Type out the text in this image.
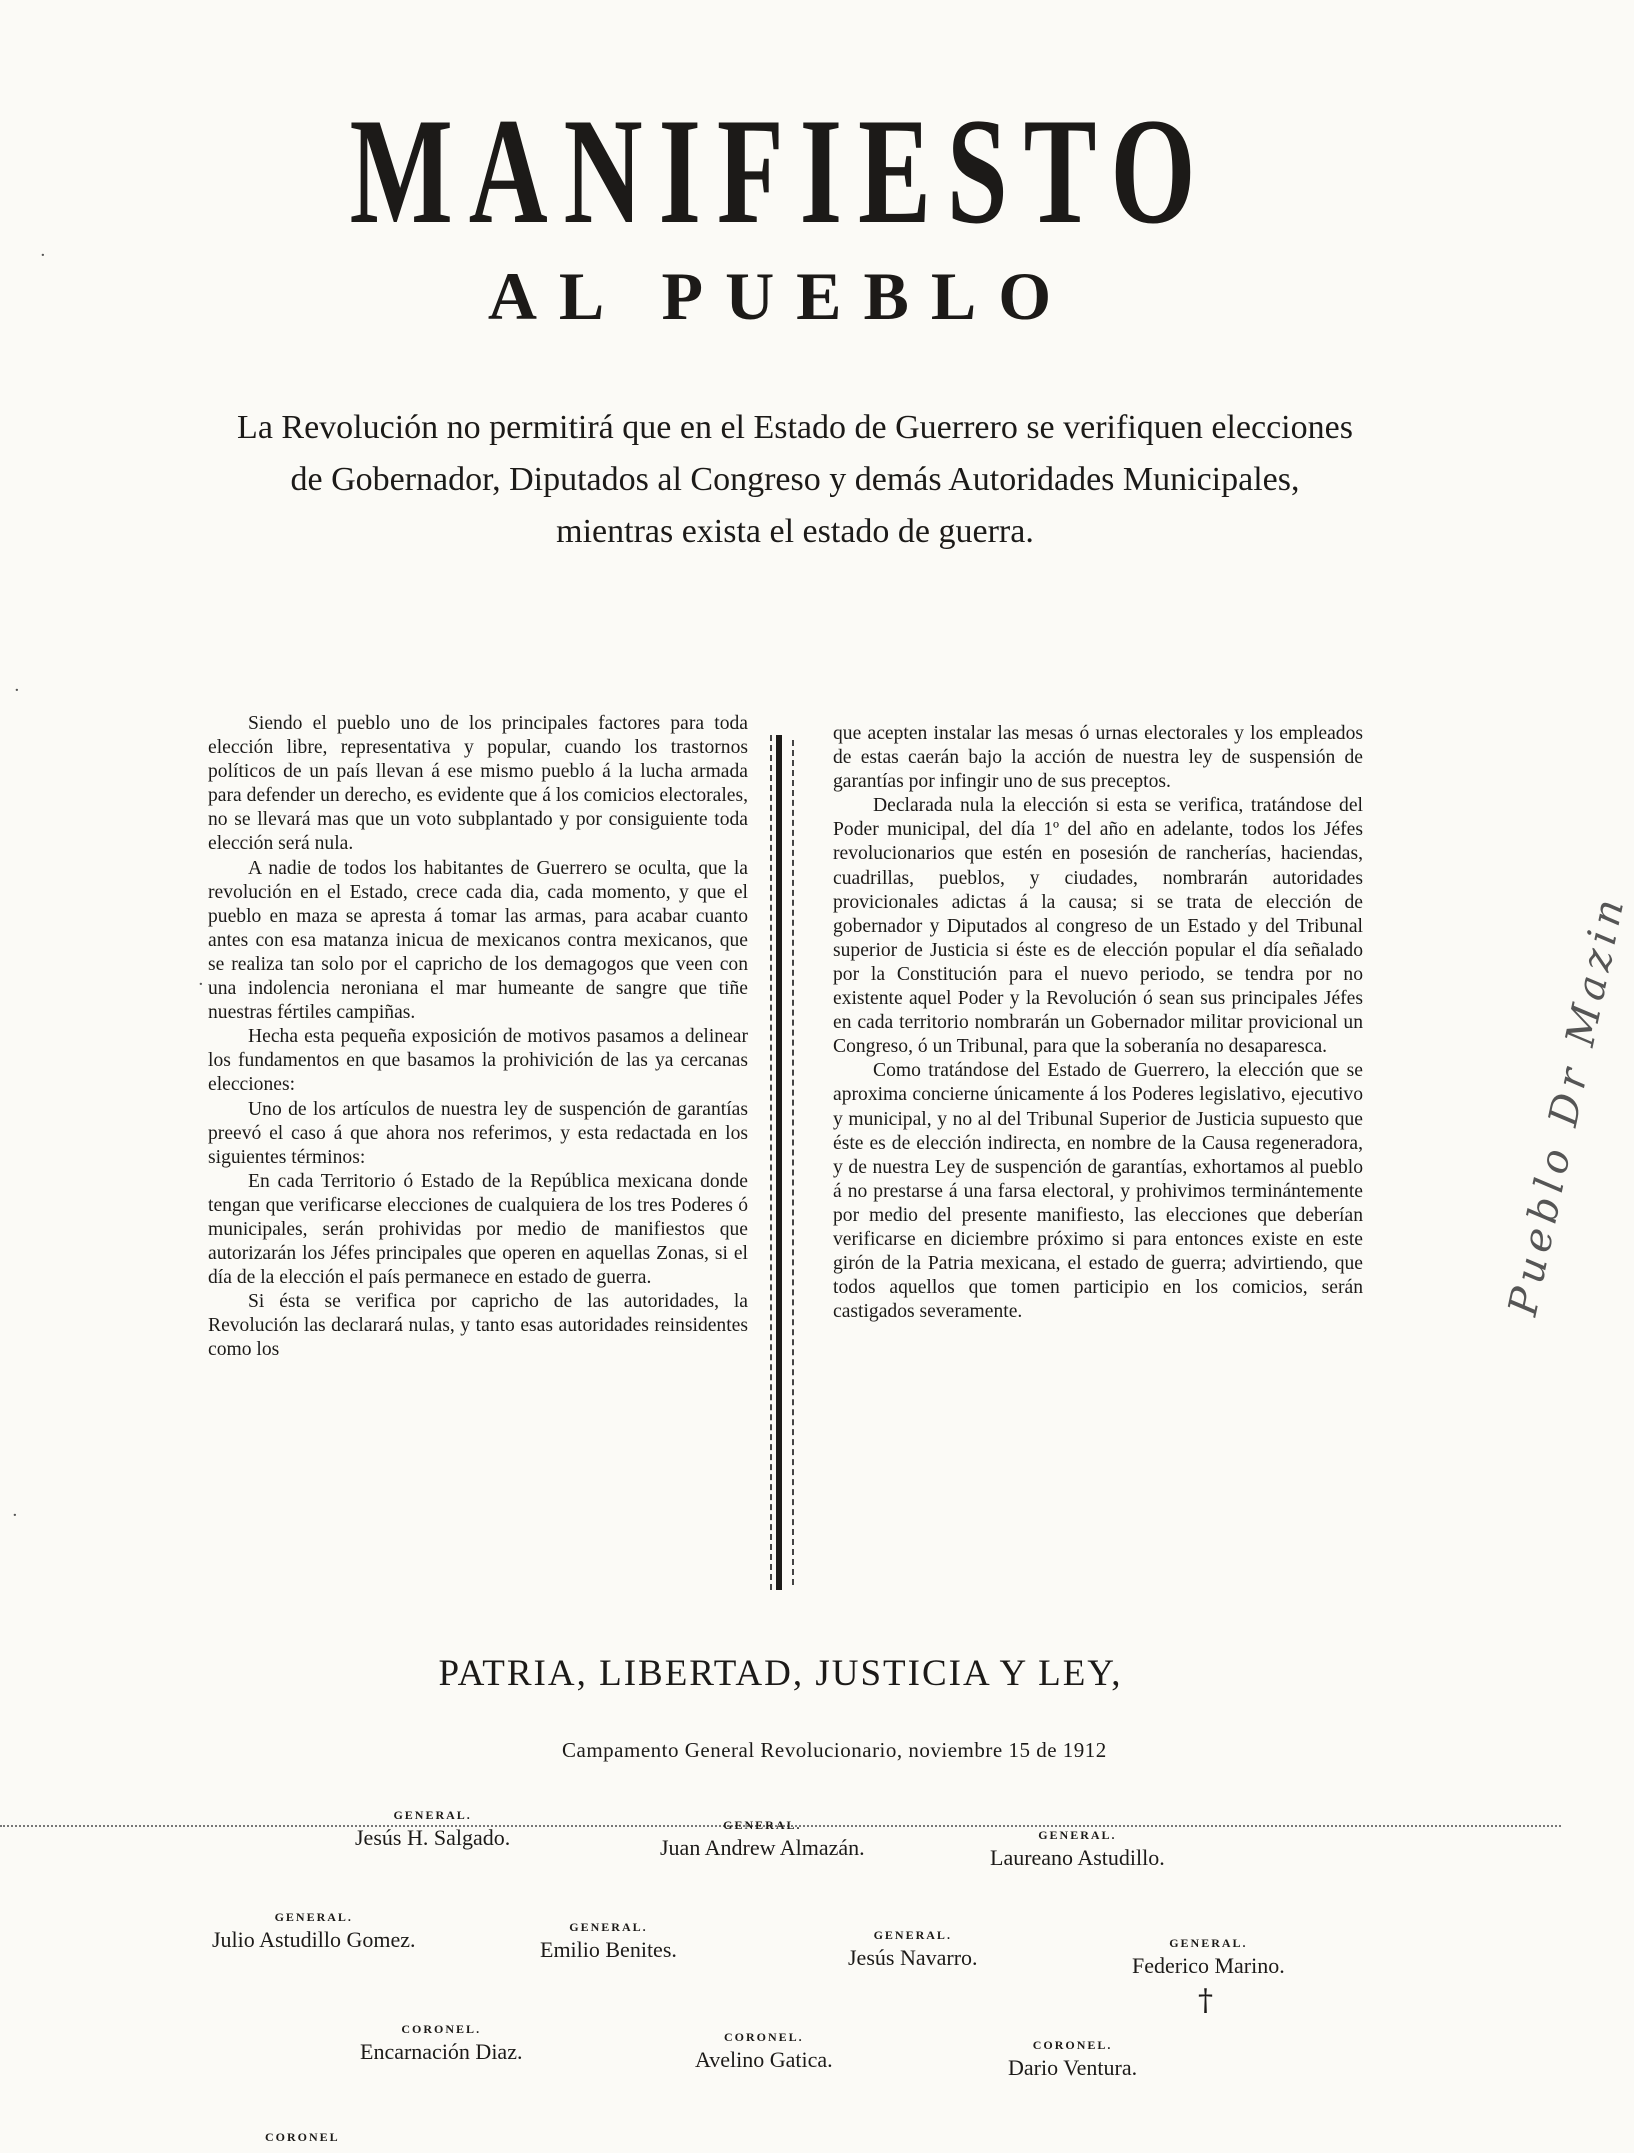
MANIFIESTO
AL PUEBLO
La Revolución no permitirá que en el Estado de Guerrero se verifiquen elecciones
de Gobernador, Diputados al Congreso y demás Autoridades Municipales,
mientras exista el estado de guerra.

Siendo el pueblo uno de los principales factores para toda elección libre, representativa y popular, cuando los trastornos políticos de un país llevan á ese mismo pueblo á la lucha armada para defender un derecho, es evidente que á los comicios electorales, no se llevará mas que un voto subplantado y por consiguiente toda elección será nula.

A nadie de todos los habitantes de Guerrero se oculta, que la revolución en el Estado, crece cada dia, cada momento, y que el pueblo en maza se apresta á tomar las armas, para acabar cuanto antes con esa matanza inicua de mexicanos contra mexicanos, que se realiza tan solo por el capricho de los demagogos que veen con una indolencia neroniana el mar humeante de sangre que tiñe nuestras fértiles campiñas.

Hecha esta pequeña exposición de motivos pasamos a delinear los fundamentos en que basamos la prohivición de las ya cercanas elecciones:

Uno de los artículos de nuestra ley de suspención de garantías preevó el caso á que ahora nos referimos, y esta redactada en los siguientes términos:

En cada Territorio ó Estado de la República mexicana donde tengan que verificarse elecciones de cualquiera de los tres Poderes ó municipales, serán prohividas por medio de manifiestos que autorizarán los Jéfes principales que operen en aquellas Zonas, si el día de la elección el país permanece en estado de guerra.

Si ésta se verifica por capricho de las autoridades, la Revolución las declarará nulas, y tanto esas autoridades reinsidentes como los

que acepten instalar las mesas ó urnas electorales y los empleados de estas caerán bajo la acción de nuestra ley de suspensión de garantías por infingir uno de sus preceptos.

Declarada nula la elección si esta se verifica, tratándose del Poder municipal, del día 1º del año en adelante, todos los Jéfes revolucionarios que estén en posesión de rancherías, haciendas, cuadrillas, pueblos, y ciudades, nombrarán autoridades provicionales adictas á la causa; si se trata de elección de gobernador y Diputados al congreso de un Estado y del Tribunal superior de Justicia si éste es de elección popular el día señalado por la Constitución para el nuevo periodo, se tendra por no existente aquel Poder y la Revolución ó sean sus principales Jéfes en cada territorio nombrarán un Gobernador militar provicional un Congreso, ó un Tribunal, para que la soberanía no desaparesca.

Como tratándose del Estado de Guerrero, la elección que se aproxima concierne únicamente á los Poderes legislativo, ejecutivo y municipal, y no al del Tribunal Superior de Justicia supuesto que éste es de elección indirecta, en nombre de la Causa regeneradora, y de nuestra Ley de suspención de garantías, exhortamos al pueblo á no prestarse á una farsa electoral, y prohivimos terminántemente por medio del presente manifiesto, las elecciones que deberían verificarse en diciembre próximo si para entonces existe en este girón de la Patria mexicana, el estado de guerra; advirtiendo, que todos aquellos que tomen participio en los comicios, serán castigados severamente.

PATRIA, LIBERTAD, JUSTICIA Y LEY,
Campamento General Revolucionario, noviembre 15 de 1912
GENERAL.
Jesús H. Salgado.	GENERAL.
Juan Andrew Almazán.	GENERAL.
Laureano Astudillo.
GENERAL.
Julio Astudillo Gomez.	GENERAL.
Emilio Benites.
GENERAL.
Jesús Navarro.
GENERAL.
Federico Marino.
†
CORONEL.
Encarnación Diaz.
CORONEL.
Avelino Gatica.
CORONEL.
Dario Ventura.
CORONEL
Pueblo Dr Mazin
·
·
·
·
